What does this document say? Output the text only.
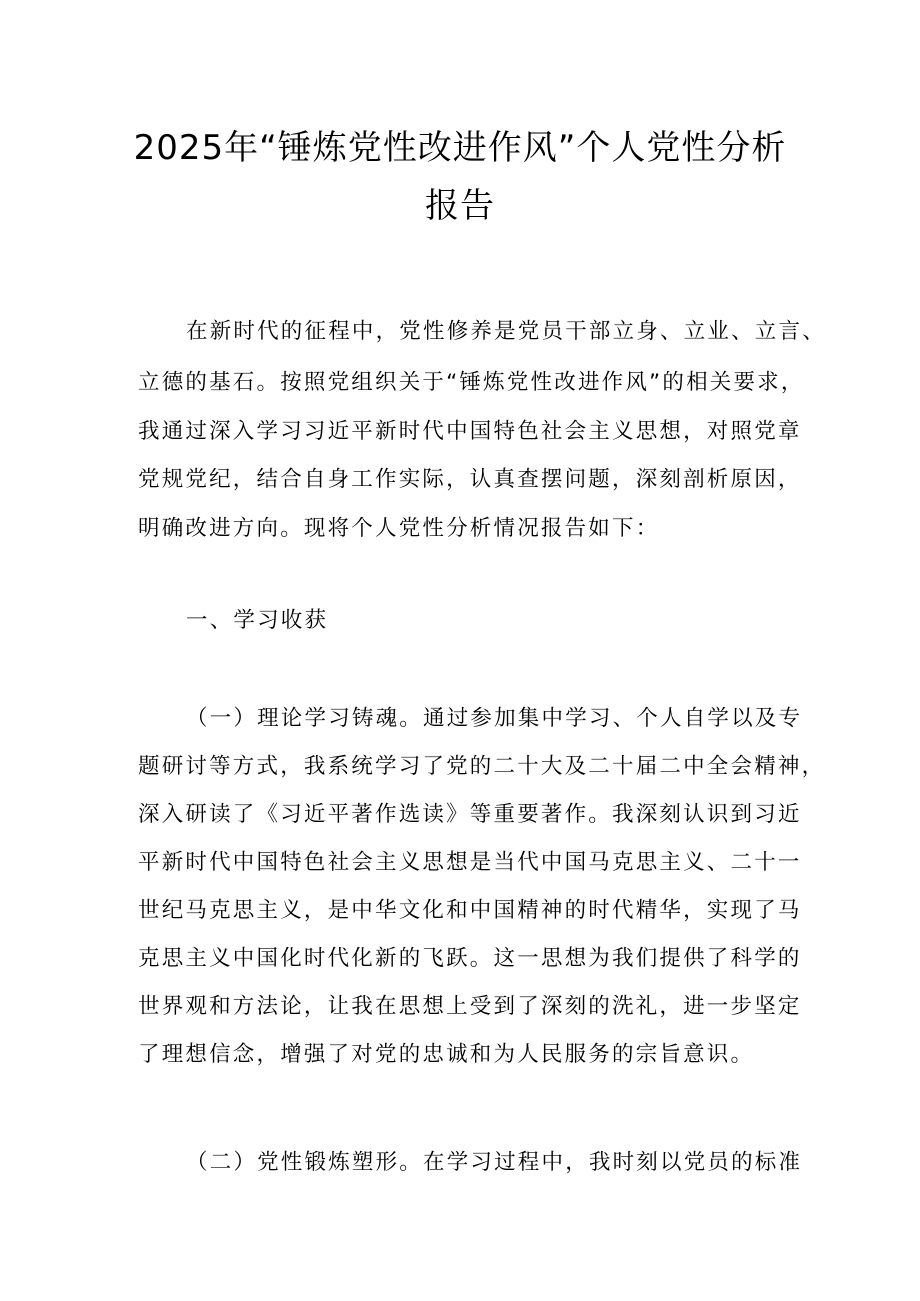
2025年“锤炼党性改进作风”个人党性分析
报告
在新时代的征程中，党性修养是党员干部立身、立业、立言、
立德的基石。按照党组织关于“锤炼党性改进作风”的相关要求，
我通过深入学习习近平新时代中国特色社会主义思想，对照党章
党规党纪，结合自身工作实际，认真查摆问题，深刻剖析原因，
明确改进方向。现将个人党性分析情况报告如下：
一、学习收获
（一）理论学习铸魂。通过参加集中学习、个人自学以及专
题研讨等方式，我系统学习了党的二十大及二十届二中全会精神，
深入研读了《习近平著作选读》等重要著作。我深刻认识到习近
平新时代中国特色社会主义思想是当代中国马克思主义、二十一
世纪马克思主义，是中华文化和中国精神的时代精华，实现了马
克思主义中国化时代化新的飞跃。这一思想为我们提供了科学的
世界观和方法论，让我在思想上受到了深刻的洗礼，进一步坚定
了理想信念，增强了对党的忠诚和为人民服务的宗旨意识。
（二）党性锻炼塑形。在学习过程中，我时刻以党员的标准
